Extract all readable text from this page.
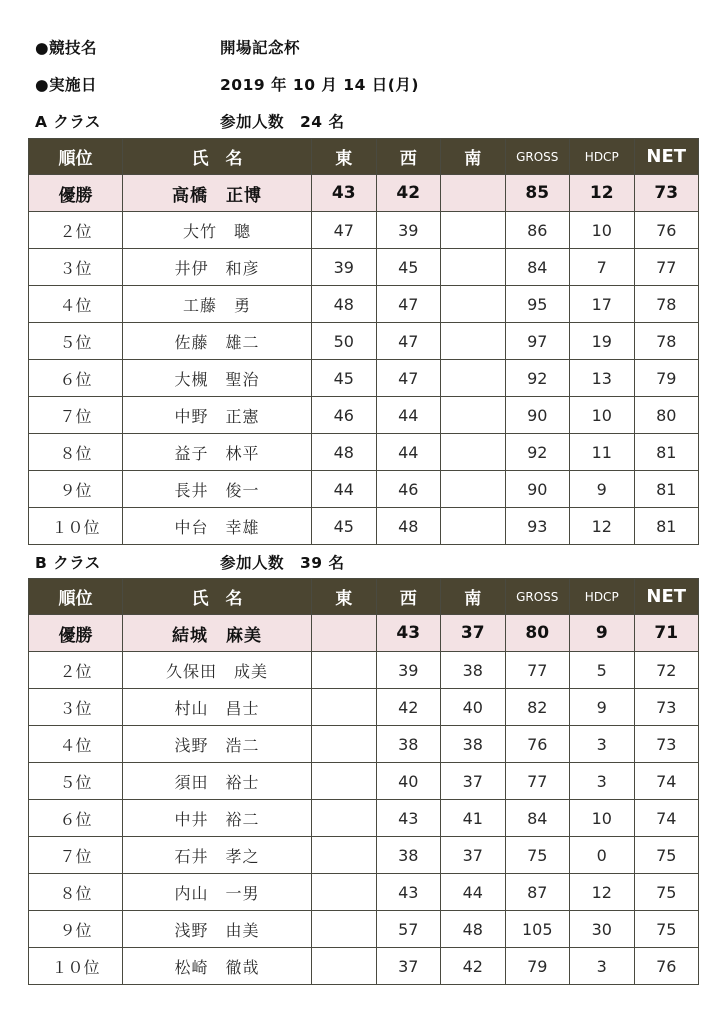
●競技名	開場記念杯
●実施日	2019 年 10 月 14 日(月)
A クラス	参加人数　24 名
順位	氏　名	東	西	南	GROSS	HDCP	NET
優勝	高橋　正博	43	42		85	12	73
２位	大竹　聰	47	39		86	10	76
３位	井伊　和彦	39	45		84	7	77
４位	工藤　勇	48	47		95	17	78
５位	佐藤　雄二	50	47		97	19	78
６位	大槻　聖治	45	47		92	13	79
７位	中野　正憲	46	44		90	10	80
８位	益子　林平	48	44		92	11	81
９位	長井　俊一	44	46		90	9	81
１０位	中台　幸雄	45	48		93	12	81
B クラス	参加人数　39 名
順位	氏　名	東	西	南	GROSS	HDCP	NET
優勝	結城　麻美		43	37	80	9	71
２位	久保田　成美		39	38	77	5	72
３位	村山　昌士		42	40	82	9	73
４位	浅野　浩二		38	38	76	3	73
５位	須田　裕士		40	37	77	3	74
６位	中井　裕二		43	41	84	10	74
７位	石井　孝之		38	37	75	0	75
８位	内山　一男		43	44	87	12	75
９位	浅野　由美		57	48	105	30	75
１０位	松崎　徹哉		37	42	79	3	76
